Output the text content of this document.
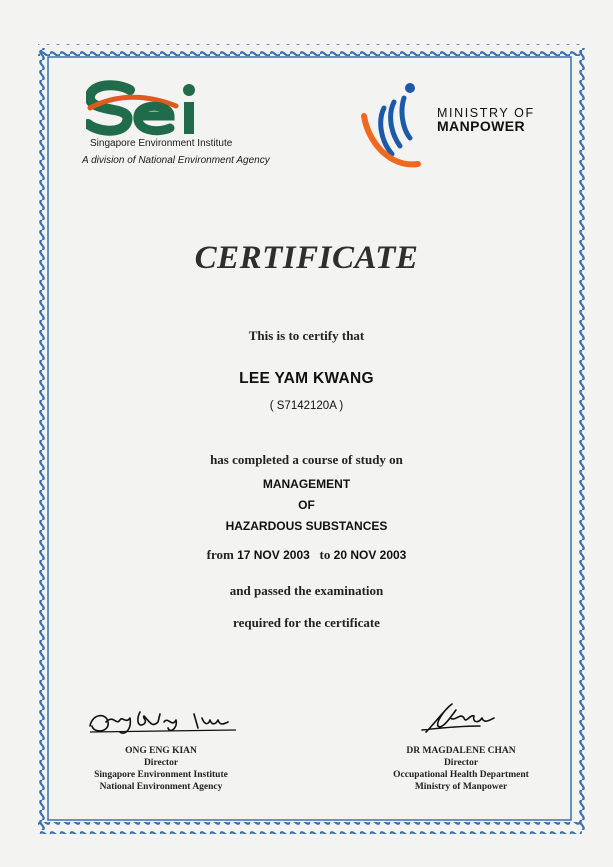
Singapore Environment Institute
A division of National Environment Agency
MINISTRY OF
MANPOWER
CERTIFICATE
This is to certify that
LEE YAM KWANG
( S7142120A )
has completed a course of study on
MANAGEMENT
OF
HAZARDOUS SUBSTANCES
from 17 NOV 2003 to 20 NOV 2003
and passed the examination
required for the certificate
ONG ENG KIAN
Director
Singapore Environment Institute
National Environment Agency
DR MAGDALENE CHAN
Director
Occupational Health Department
Ministry of Manpower
